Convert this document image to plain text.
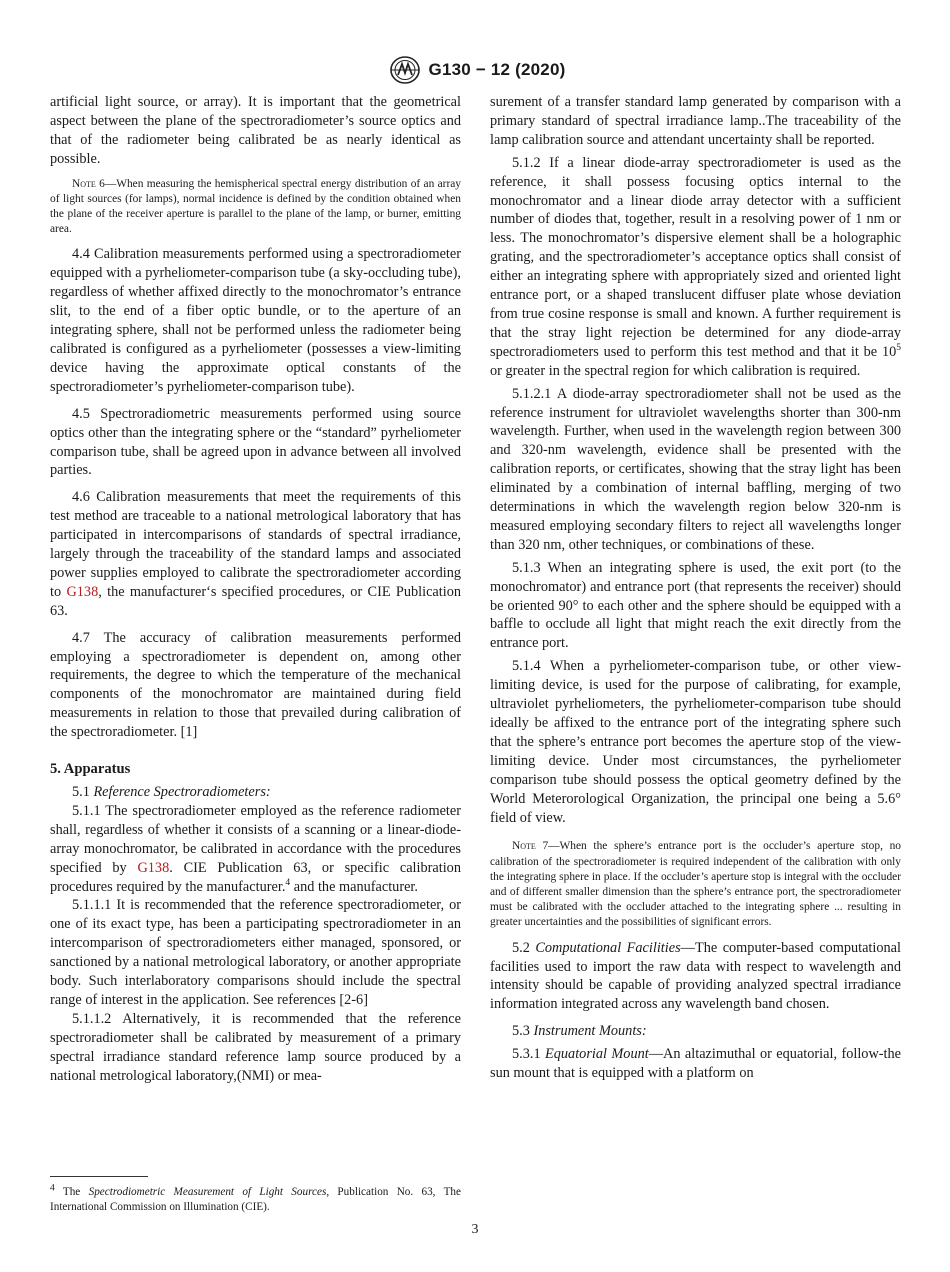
G130 − 12 (2020)

artificial light source, or array). It is important that the geometrical aspect between the plane of the spectroradiometer’s source optics and that of the radiometer being calibrated be as nearly identical as possible.

Note 6—When measuring the hemispherical spectral energy distribution of an array of light sources (for lamps), normal incidence is defined by the condition obtained when the plane of the receiver aperture is parallel to the plane of the lamp, or burner, emitting area.

4.4 Calibration measurements performed using a spectroradiometer equipped with a pyrheliometer-comparison tube (a sky-occluding tube), regardless of whether affixed directly to the monochromator’s entrance slit, to the end of a fiber optic bundle, or to the aperture of an integrating sphere, shall not be performed unless the radiometer being calibrated is configured as a pyrheliometer (possesses a view-limiting device having the approximate optical constants of the spectroradiometer’s pyrheliometer-comparison tube).

4.5 Spectroradiometric measurements performed using source optics other than the integrating sphere or the “standard” pyrheliometer comparison tube, shall be agreed upon in advance between all involved parties.

4.6 Calibration measurements that meet the requirements of this test method are traceable to a national metrological laboratory that has participated in intercomparisons of standards of spectral irradiance, largely through the traceability of the standard lamps and associated power supplies employed to calibrate the spectroradiometer according to G138, the manufacturer‘s specified procedures, or CIE Publication 63.

4.7 The accuracy of calibration measurements performed employing a spectroradiometer is dependent on, among other requirements, the degree to which the temperature of the mechanical components of the monochromator are maintained during field measurements in relation to those that prevailed during calibration of the spectroradiometer. [1]

5. Apparatus

5.1 Reference Spectroradiometers:

5.1.1 The spectroradiometer employed as the reference radiometer shall, regardless of whether it consists of a scanning or a linear-diode-array monochromator, be calibrated in accordance with the procedures specified by G138. CIE Publication 63, or specific calibration procedures required by the manufacturer.$^4$ and the manufacturer.

5.1.1.1 It is recommended that the reference spectroradiometer, or one of its exact type, has been a participating spectroradiometer in an intercomparison of spectroradiometers either managed, sponsored, or sanctioned by a national metrological laboratory, or another appropriate body. Such interlaboratory comparisons should include the spectral range of interest in the application. See references [2-6]

5.1.1.2 Alternatively, it is recommended that the reference spectroradiometer shall be calibrated by measurement of a primary spectral irradiance standard reference lamp source produced by a national metrological laboratory,(NMI) or mea-

$^4$ The Spectrodiometric Measurement of Light Sources, Publication No. 63, The International Commission on Illumination (CIE).

surement of a transfer standard lamp generated by comparison with a primary standard of spectral irradiance lamp..The traceability of the lamp calibration source and attendant uncertainty shall be reported.

5.1.2 If a linear diode-array spectroradiometer is used as the reference, it shall possess focusing optics internal to the monochromator and a linear diode array detector with a sufficient number of diodes that, together, result in a resolving power of 1 nm or less. The monochromator’s dispersive element shall be a holographic grating, and the spectroradiometer’s acceptance optics shall consist of either an integrating sphere with appropriately sized and oriented light entrance port, or a shaped translucent diffuser plate whose deviation from true cosine response is small and known. A further requirement is that the stray light rejection be determined for any diode-array spectroradiometers used to perform this test method and that it be $10^5$ or greater in the spectral region for which calibration is required.

5.1.2.1 A diode-array spectroradiometer shall not be used as the reference instrument for ultraviolet wavelengths shorter than 300-nm wavelength. Further, when used in the wavelength region between 300 and 320-nm wavelength, evidence shall be presented with the calibration reports, or certificates, showing that the stray light has been eliminated by a combination of internal baffling, merging of two determinations in which the wavelength region below 320-nm is measured employing secondary filters to reject all wavelengths longer than 320 nm, other techniques, or combinations of these.

5.1.3 When an integrating sphere is used, the exit port (to the monochromator) and entrance port (that represents the receiver) should be oriented 90° to each other and the sphere should be equipped with a baffle to occlude all light that might reach the exit directly from the entrance port.

5.1.4 When a pyrheliometer-comparison tube, or other view-limiting device, is used for the purpose of calibrating, for example, ultraviolet pyrheliometers, the pyrheliometer-comparison tube should ideally be affixed to the entrance port of the integrating sphere such that the sphere’s entrance port becomes the aperture stop of the view-limiting device. Under most circumstances, the pyrheliometer comparison tube should possess the optical geometry defined by the World Meterorological Organization, the principal one being a 5.6° field of view.

Note 7—When the sphere’s entrance port is the occluder’s aperture stop, no calibration of the spectroradiometer is required independent of the calibration with only the integrating sphere in place. If the occluder’s aperture stop is integral with the occluder and of different smaller dimension than the sphere’s entrance port, the spectroradiometer must be calibrated with the occluder attached to the integrating sphere ... resulting in greater uncertainties and the possibilities of significant errors.

5.2 Computational Facilities—The computer-based computational facilities used to import the raw data with respect to wavelength and intensity should be capable of providing analyzed spectral irradiance information integrated across any wavelength band chosen.

5.3 Instrument Mounts:

5.3.1 Equatorial Mount—An altazimuthal or equatorial, follow-the sun mount that is equipped with a platform on

3
